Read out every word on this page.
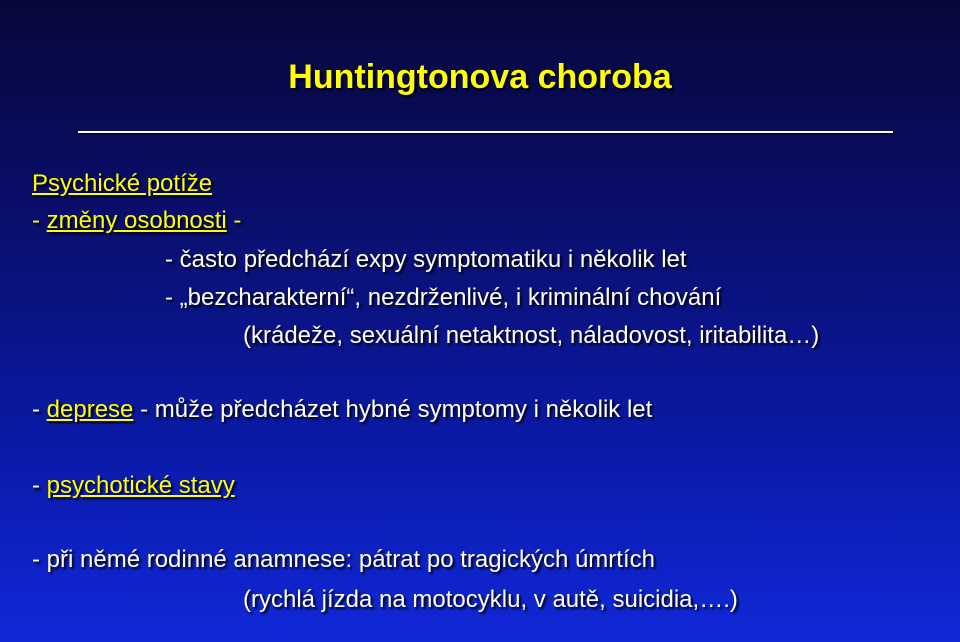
Huntingtonova choroba
Psychické potíže
- změny osobnosti -
- často předchází expy symptomatiku i několik let
- „bezcharakterní“, nezdrženlivé, i kriminální chování
(krádeže, sexuální netaktnost, náladovost, iritabilita…)
- deprese - může předcházet hybné symptomy i několik let
- psychotické stavy
- při němé rodinné anamnese: pátrat po tragických úmrtích
(rychlá jízda na motocyklu, v autě, suicidia,….)
